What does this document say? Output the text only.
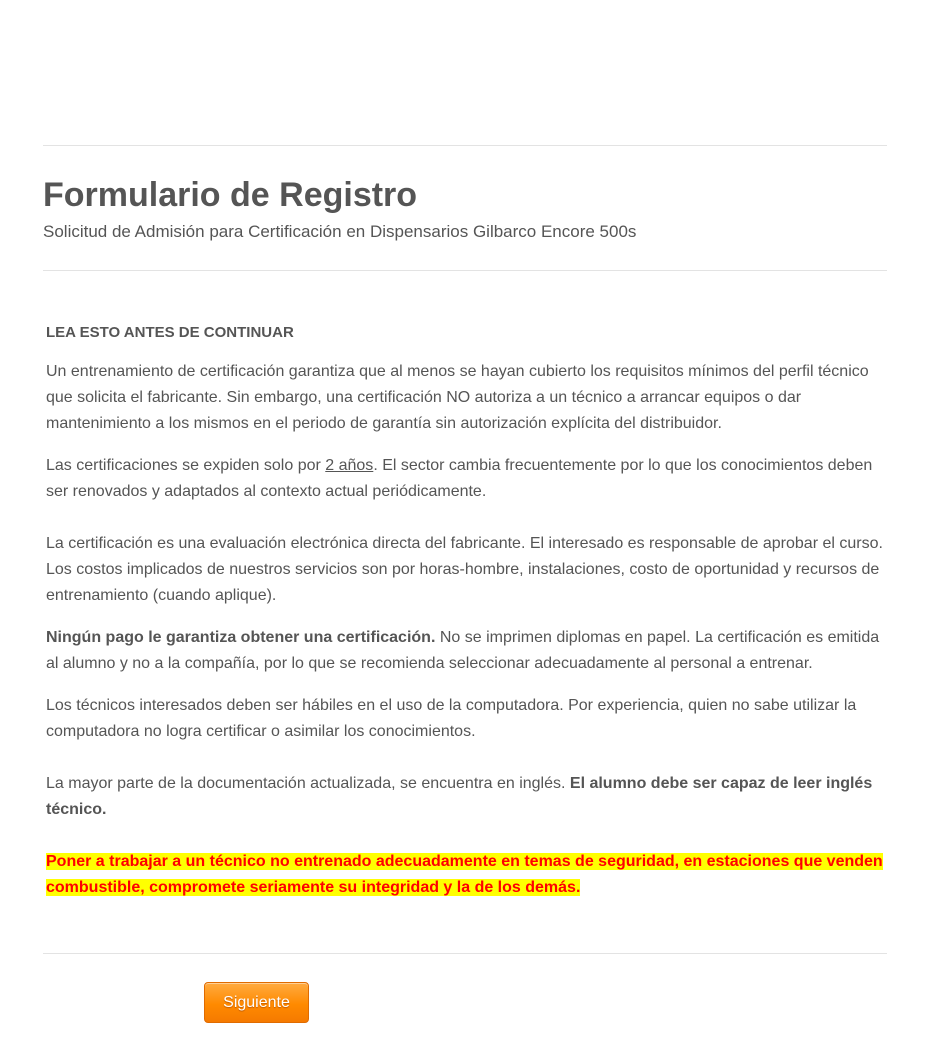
Formulario de Registro
Solicitud de Admisión para Certificación en Dispensarios Gilbarco Encore 500s

LEA ESTO ANTES DE CONTINUAR

Un entrenamiento de certificación garantiza que al menos se hayan cubierto los requisitos mínimos del perfil técnico que solicita el fabricante. Sin embargo, una certificación NO autoriza a un técnico a arrancar equipos o dar mantenimiento a los mismos en el periodo de garantía sin autorización explícita del distribuidor.

Las certificaciones se expiden solo por 2 años. El sector cambia frecuentemente por lo que los conocimientos deben ser renovados y adaptados al contexto actual periódicamente.

La certificación es una evaluación electrónica directa del fabricante. El interesado es responsable de aprobar el curso. Los costos implicados de nuestros servicios son por horas-hombre, instalaciones, costo de oportunidad y recursos de entrenamiento (cuando aplique).

Ningún pago le garantiza obtener una certificación. No se imprimen diplomas en papel. La certificación es emitida al alumno y no a la compañía, por lo que se recomienda seleccionar adecuadamente al personal a entrenar.

Los técnicos interesados deben ser hábiles en el uso de la computadora. Por experiencia, quien no sabe utilizar la computadora no logra certificar o asimilar los conocimientos.

La mayor parte de la documentación actualizada, se encuentra en inglés. El alumno debe ser capaz de leer inglés técnico.

Poner a trabajar a un técnico no entrenado adecuadamente en temas de seguridad, en estaciones que venden combustible, compromete seriamente su integridad y la de los demás.

Siguiente
